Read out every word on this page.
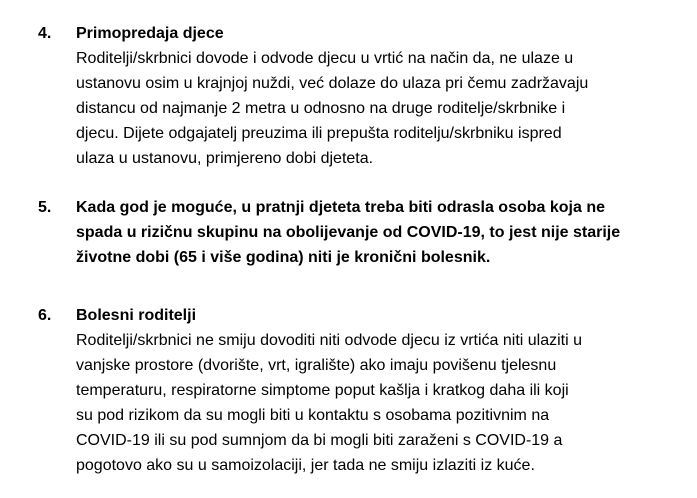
4. Primopredaja djece
Roditelji/skrbnici dovode i odvode djecu u vrtić na način da, ne ulaze u
ustanovu osim u krajnjoj nuždi, već dolaze do ulaza pri čemu zadržavaju
distancu od najmanje 2 metra u odnosno na druge roditelje/skrbnike i
djecu. Dijete odgajatelj preuzima ili prepušta roditelju/skrbniku ispred
ulaza u ustanovu, primjereno dobi djeteta.
5. Kada god je moguće, u pratnji djeteta treba biti odrasla osoba koja ne
spada u rizičnu skupinu na obolijevanje od COVID-19, to jest nije starije
životne dobi (65 i više godina) niti je kronični bolesnik.
6. Bolesni roditelji
Roditelji/skrbnici ne smiju dovoditi niti odvode djecu iz vrtića niti ulaziti u
vanjske prostore (dvorište, vrt, igralište) ako imaju povišenu tjelesnu
temperaturu, respiratorne simptome poput kašlja i kratkog daha ili koji
su pod rizikom da su mogli biti u kontaktu s osobama pozitivnim na
COVID-19 ili su pod sumnjom da bi mogli biti zaraženi s COVID-19 a
pogotovo ako su u samoizolaciji, jer tada ne smiju izlaziti iz kuće.
